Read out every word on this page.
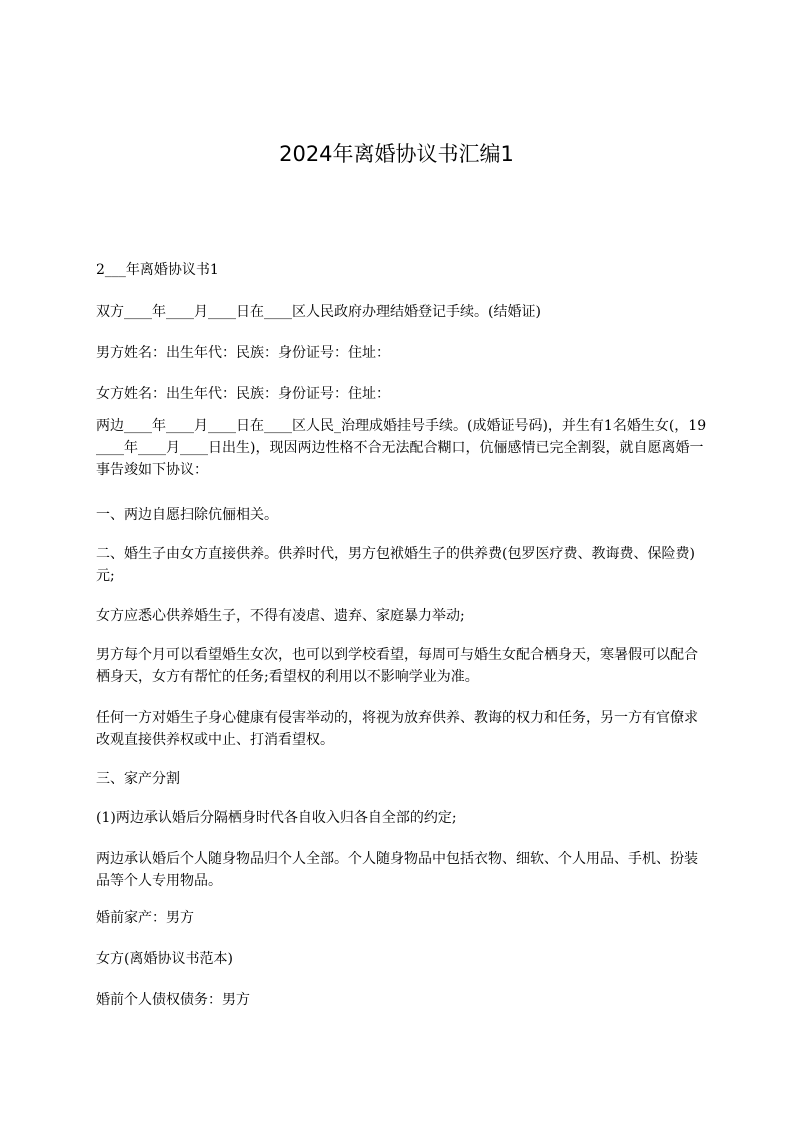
2024年离婚协议书汇编1
2___年离婚协议书1
双方____年____月____日在____区人民政府办理结婚登记手续。(结婚证)
男方姓名：出生年代：民族：身份证号：住址：
女方姓名：出生年代：民族：身份证号：住址：
两边____年____月____日在____区人民_治理成婚挂号手续。(成婚证号码)，并生有1名婚生女(，19____年____月____日出生)，现因两边性格不合无法配合糊口，伉俪感情已完全割裂，就自愿离婚一事告竣如下协议：
一、两边自愿扫除伉俪相关。
二、婚生子由女方直接供养。供养时代，男方包袱婚生子的供养费(包罗医疗费、教诲费、保险费)元;
女方应悉心供养婚生子，不得有凌虐、遗弃、家庭暴力举动;
男方每个月可以看望婚生女次，也可以到学校看望，每周可与婚生女配合栖身天，寒暑假可以配合栖身天，女方有帮忙的任务;看望权的利用以不影响学业为准。
任何一方对婚生子身心健康有侵害举动的，将视为放弃供养、教诲的权力和任务，另一方有官僚求改观直接供养权或中止、打消看望权。
三、家产分割
(1)两边承认婚后分隔栖身时代各自收入归各自全部的约定;
两边承认婚后个人随身物品归个人全部。个人随身物品中包括衣物、细软、个人用品、手机、扮装品等个人专用物品。
婚前家产：男方
女方(离婚协议书范本)
婚前个人债权债务：男方
